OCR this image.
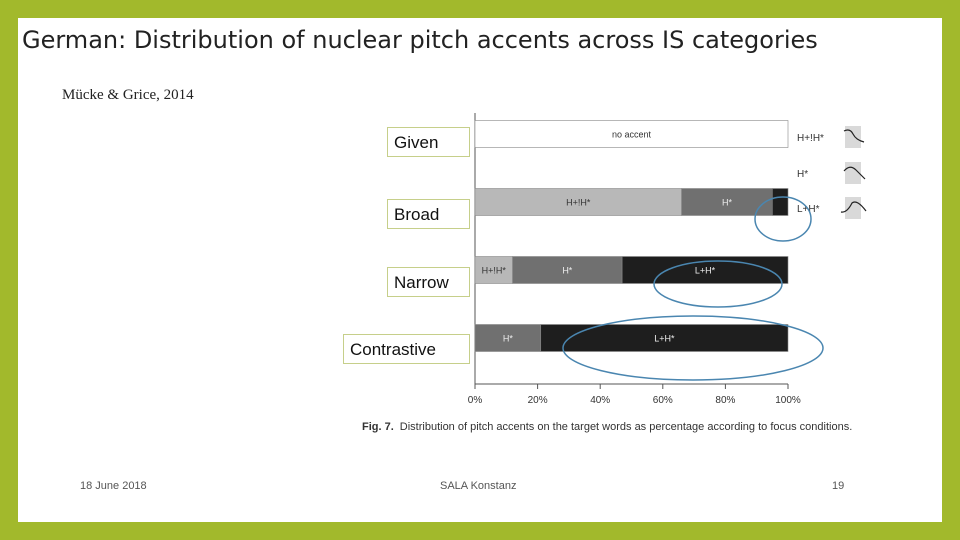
German: Distribution of nuclear pitch accents across IS categories
Mücke & Grice, 2014
0%	20%	40%	60%	80%	100%
no accent
H+!H*	H*
H+!H*	H*	L+H*
H*	L+H*
H+!H*
H*
L+H*
Given
Broad
Narrow
Contrastive
Fig. 7. Distribution of pitch accents on the target words as percentage according to focus conditions.
18 June 2018	SALA Konstanz	19
